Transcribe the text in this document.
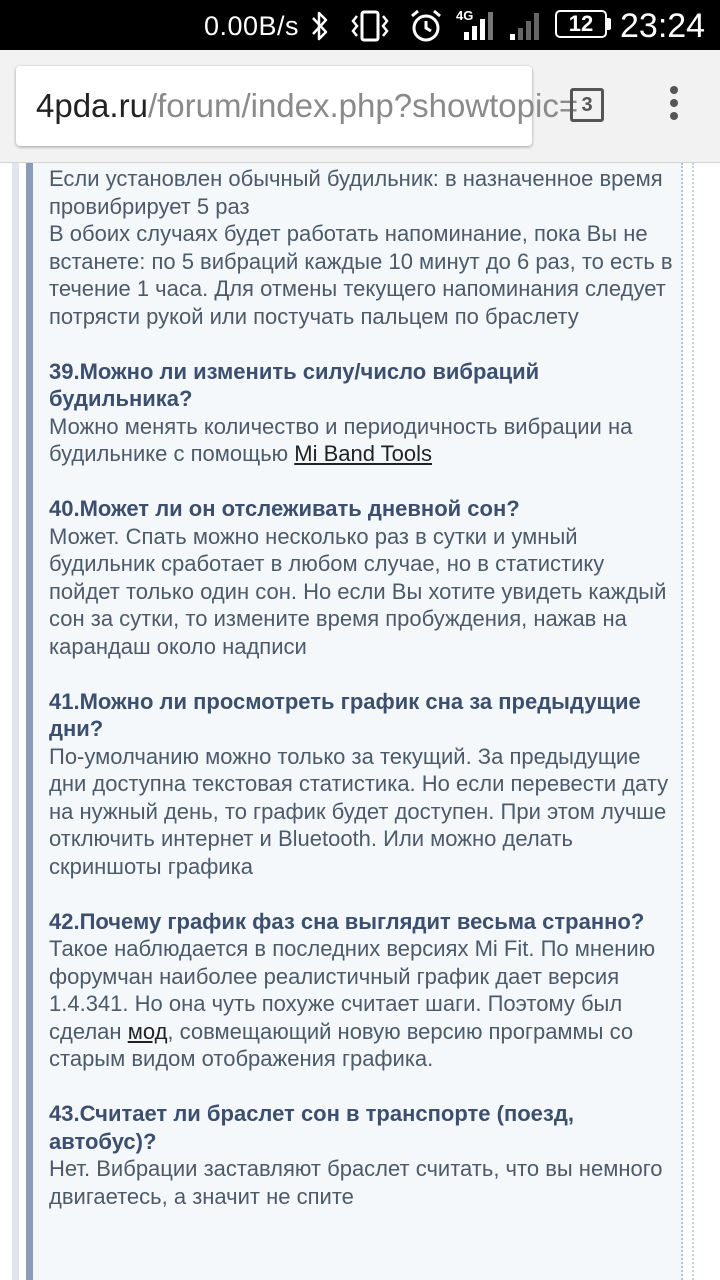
0.00B/s	4G	12 23:24
4pda.ru/forum/index.php?showtopic= 3

Если установлен обычный будильник: в назначенное время провибрирует 5 раз

В обоих случаях будет работать напоминание, пока Вы не встанете: по 5 вибраций каждые 10 минут до 6 раз, то есть в течение 1 часа. Для отмены текущего напоминания следует потрясти рукой или постучать пальцем по браслету

39.Можно ли изменить силу/число вибраций будильника?

Можно менять количество и периодичность вибрации на будильнике с помощью Mi Band Tools

40.Может ли он отслеживать дневной сон?

Может. Спать можно несколько раз в сутки и умный будильник сработает в любом случае, но в статистику пойдет только один сон. Но если Вы хотите увидеть каждый сон за сутки, то измените время пробуждения, нажав на карандаш около надписи

41.Можно ли просмотреть график сна за предыдущие дни?

По-умолчанию можно только за текущий. За предыдущие дни доступна текстовая статистика. Но если перевести дату на нужный день, то график будет доступен. При этом лучше отключить интернет и Bluetooth. Или можно делать скриншоты графика

42.Почему график фаз сна выглядит весьма странно?

Такое наблюдается в последних версиях Mi Fit. По мнению форумчан наиболее реалистичный график дает версия 1.4.341. Но она чуть похуже считает шаги. Поэтому был сделан мод, совмещающий новую версию программы со старым видом отображения графика.

43.Считает ли браслет сон в транспорте (поезд, автобус)?

Нет. Вибрации заставляют браслет считать, что вы немного двигаетесь, а значит не спите
